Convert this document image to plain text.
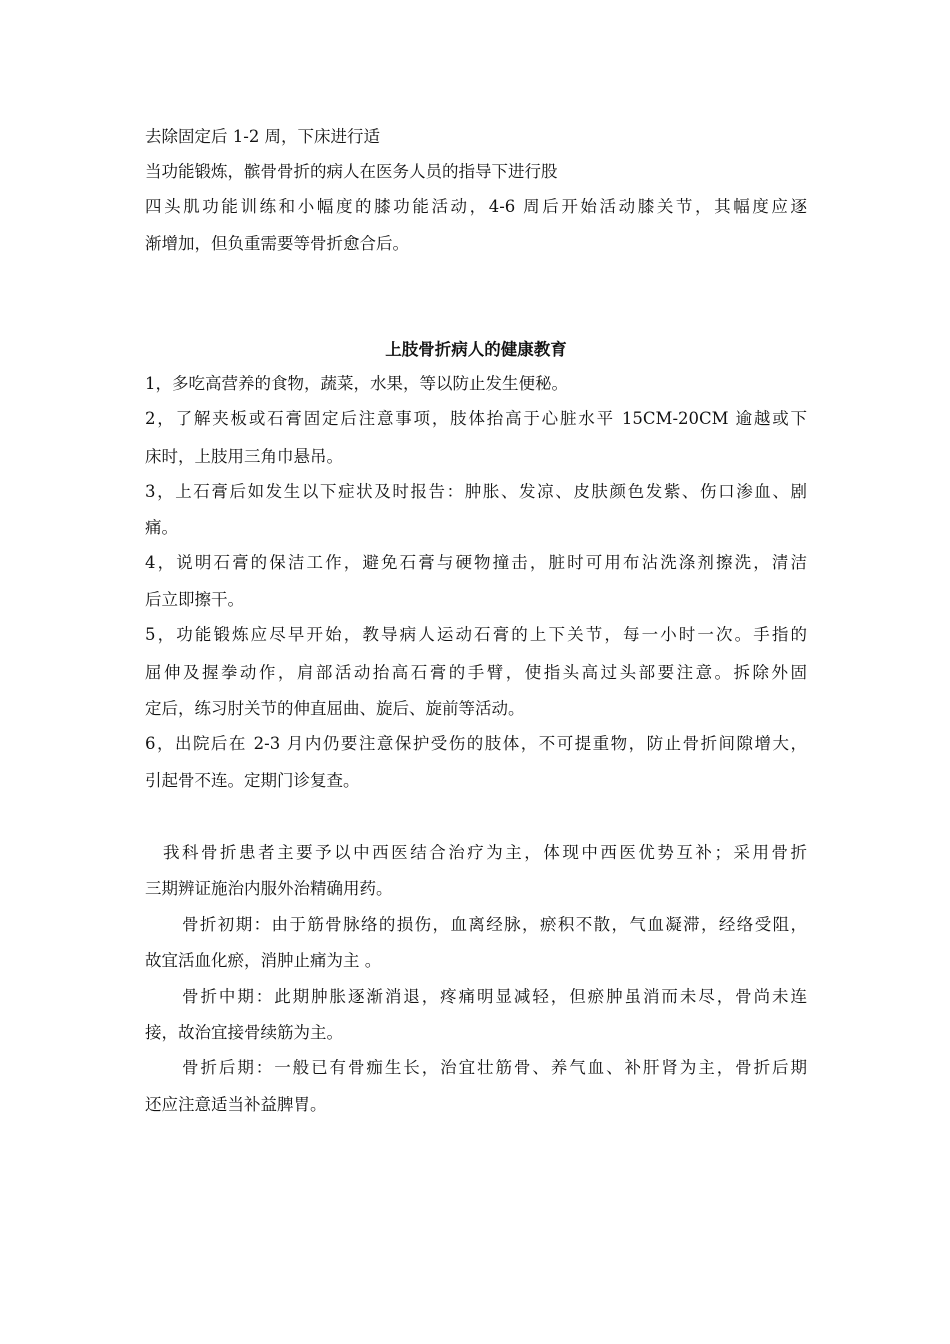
去除固定后 1-2 周，下床进行适
当功能锻炼，髌骨骨折的病人在医务人员的指导下进行股
四头肌功能训练和小幅度的膝功能活动，4-6 周后开始活动膝关节，其幅度应逐
渐增加，但负重需要等骨折愈合后。
上肢骨折病人的健康教育
1，多吃高营养的食物，蔬菜，水果，等以防止发生便秘。
2，了解夹板或石膏固定后注意事项，肢体抬高于心脏水平 15CM-20CM 逾越或下
床时，上肢用三角巾悬吊。
3，上石膏后如发生以下症状及时报告：肿胀、发凉、皮肤颜色发紫、伤口渗血、剧
痛。
4，说明石膏的保洁工作，避免石膏与硬物撞击，脏时可用布沾洗涤剂擦洗，清洁
后立即擦干。
5，功能锻炼应尽早开始，教导病人运动石膏的上下关节，每一小时一次。手指的
屈伸及握拳动作，肩部活动抬高石膏的手臂，使指头高过头部要注意。拆除外固
定后，练习肘关节的伸直屈曲、旋后、旋前等活动。
6，出院后在 2-3 月内仍要注意保护受伤的肢体，不可提重物，防止骨折间隙增大，
引起骨不连。定期门诊复查。
我科骨折患者主要予以中西医结合治疗为主，体现中西医优势互补；采用骨折
三期辨证施治内服外治精确用药。
骨折初期：由于筋骨脉络的损伤，血离经脉，瘀积不散，气血凝滞，经络受阻，
故宜活血化瘀，消肿止痛为主 。
骨折中期：此期肿胀逐渐消退，疼痛明显减轻，但瘀肿虽消而未尽，骨尚未连
接，故治宜接骨续筋为主。
骨折后期：一般已有骨痂生长，治宜壮筋骨、养气血、补肝肾为主，骨折后期
还应注意适当补益脾胃。
